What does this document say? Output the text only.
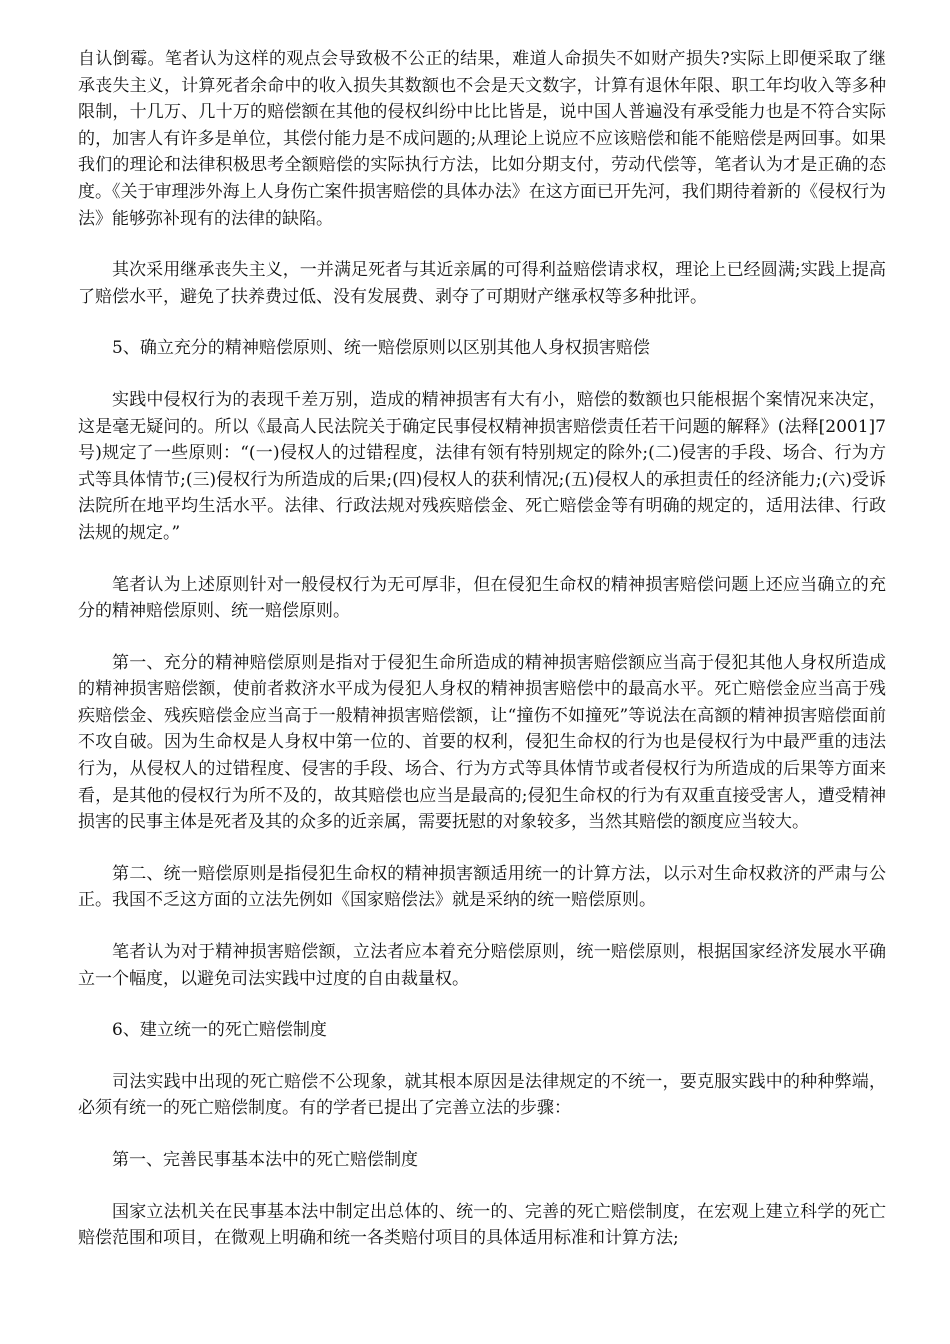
自认倒霉。笔者认为这样的观点会导致极不公正的结果，难道人命损失不如财产损失?实际上即便采取了继承丧失主义，计算死者余命中的收入损失其数额也不会是天文数字，计算有退休年限、职工年均收入等多种限制，十几万、几十万的赔偿额在其他的侵权纠纷中比比皆是，说中国人普遍没有承受能力也是不符合实际的，加害人有许多是单位，其偿付能力是不成问题的;从理论上说应不应该赔偿和能不能赔偿是两回事。如果我们的理论和法律积极思考全额赔偿的实际执行方法，比如分期支付，劳动代偿等，笔者认为才是正确的态度。《关于审理涉外海上人身伤亡案件损害赔偿的具体办法》在这方面已开先河，我们期待着新的《侵权行为法》能够弥补现有的法律的缺陷。

其次采用继承丧失主义，一并满足死者与其近亲属的可得利益赔偿请求权，理论上已经圆满;实践上提高了赔偿水平，避免了扶养费过低、没有发展费、剥夺了可期财产继承权等多种批评。

5、确立充分的精神赔偿原则、统一赔偿原则以区别其他人身权损害赔偿

实践中侵权行为的表现千差万别，造成的精神损害有大有小，赔偿的数额也只能根据个案情况来决定，这是毫无疑问的。所以《最高人民法院关于确定民事侵权精神损害赔偿责任若干问题的解释》(法释[2001]7号)规定了一些原则：“(一)侵权人的过错程度，法律有领有特别规定的除外;(二)侵害的手段、场合、行为方式等具体情节;(三)侵权行为所造成的后果;(四)侵权人的获利情况;(五)侵权人的承担责任的经济能力;(六)受诉法院所在地平均生活水平。法律、行政法规对残疾赔偿金、死亡赔偿金等有明确的规定的，适用法律、行政法规的规定。”

笔者认为上述原则针对一般侵权行为无可厚非，但在侵犯生命权的精神损害赔偿问题上还应当确立的充分的精神赔偿原则、统一赔偿原则。

第一、充分的精神赔偿原则是指对于侵犯生命所造成的精神损害赔偿额应当高于侵犯其他人身权所造成的精神损害赔偿额，使前者救济水平成为侵犯人身权的精神损害赔偿中的最高水平。死亡赔偿金应当高于残疾赔偿金、残疾赔偿金应当高于一般精神损害赔偿额，让“撞伤不如撞死”等说法在高额的精神损害赔偿面前不攻自破。因为生命权是人身权中第一位的、首要的权利，侵犯生命权的行为也是侵权行为中最严重的违法行为，从侵权人的过错程度、侵害的手段、场合、行为方式等具体情节或者侵权行为所造成的后果等方面来看，是其他的侵权行为所不及的，故其赔偿也应当是最高的;侵犯生命权的行为有双重直接受害人，遭受精神损害的民事主体是死者及其的众多的近亲属，需要抚慰的对象较多，当然其赔偿的额度应当较大。

第二、统一赔偿原则是指侵犯生命权的精神损害额适用统一的计算方法，以示对生命权救济的严肃与公正。我国不乏这方面的立法先例如《国家赔偿法》就是采纳的统一赔偿原则。

笔者认为对于精神损害赔偿额，立法者应本着充分赔偿原则，统一赔偿原则，根据国家经济发展水平确立一个幅度，以避免司法实践中过度的自由裁量权。

6、建立统一的死亡赔偿制度

司法实践中出现的死亡赔偿不公现象，就其根本原因是法律规定的不统一，要克服实践中的种种弊端，必须有统一的死亡赔偿制度。有的学者已提出了完善立法的步骤：

第一、完善民事基本法中的死亡赔偿制度

国家立法机关在民事基本法中制定出总体的、统一的、完善的死亡赔偿制度，在宏观上建立科学的死亡赔偿范围和项目，在微观上明确和统一各类赔付项目的具体适用标准和计算方法;
